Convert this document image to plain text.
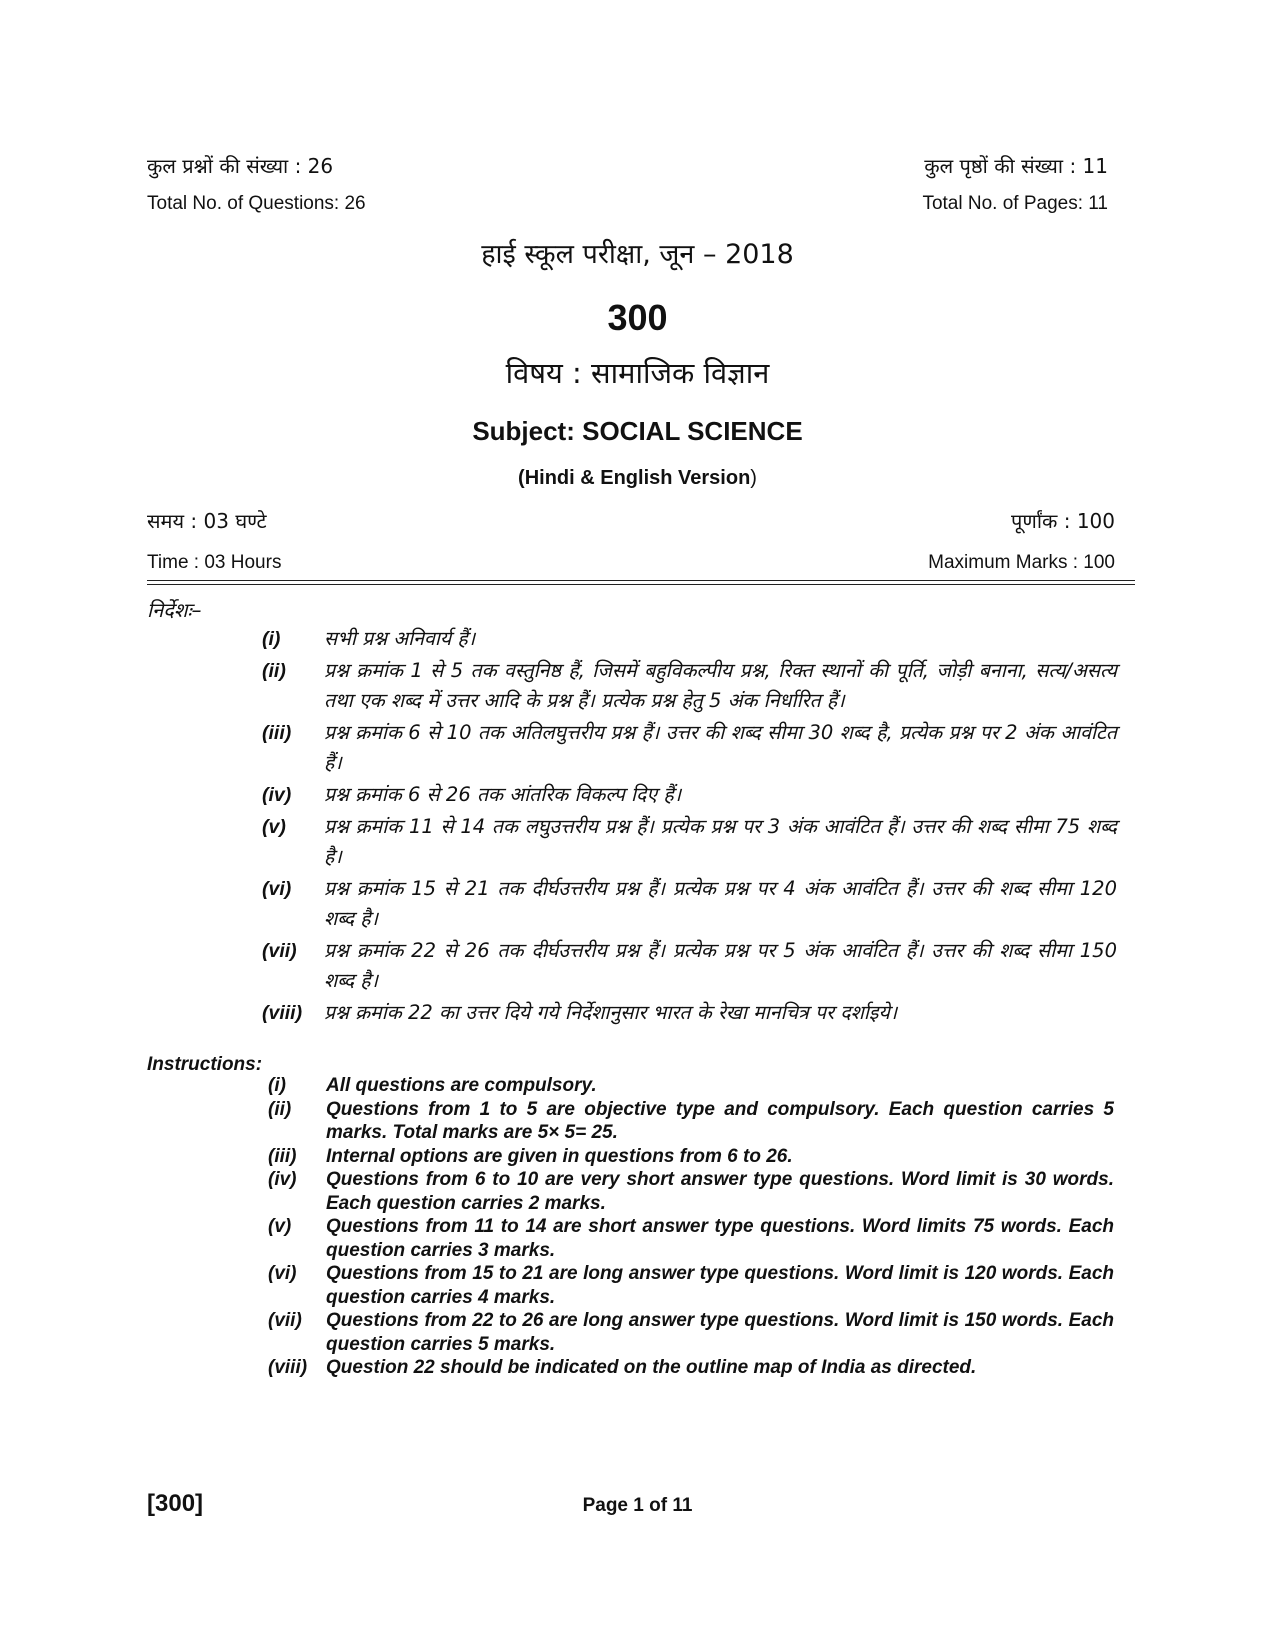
कुल प्रश्नों की संख्या : 26	कुल पृष्ठों की संख्या : 11
Total No. of Questions: 26	Total No. of Pages: 11
हाई स्कूल परीक्षा, जून – 2018
300
विषय : सामाजिक विज्ञान
Subject: SOCIAL SCIENCE
(Hindi & English Version)
समय : 03 घण्टे	पूर्णांक : 100
Time : 03 Hours	Maximum Marks : 100
निर्देशः–
(i)	सभी प्रश्न अनिवार्य हैं।
(ii)	प्रश्न क्रमांक 1 से 5 तक वस्तुनिष्ठ हैं, जिसमें बहुविकल्पीय प्रश्न, रिक्त स्थानों की पूर्ति, जोड़ी बनाना, सत्य/असत्य तथा एक शब्द में उत्तर आदि के प्रश्न हैं। प्रत्येक प्रश्न हेतु 5 अंक निर्धारित हैं।
(iii)	प्रश्न क्रमांक 6 से 10 तक अतिलघुत्तरीय प्रश्न हैं। उत्तर की शब्द सीमा 30 शब्द है, प्रत्येक प्रश्न पर 2 अंक आवंटित हैं।
(iv)	प्रश्न क्रमांक 6 से 26 तक आंतरिक विकल्प दिए हैं।
(v)	प्रश्न क्रमांक 11 से 14 तक लघुउत्तरीय प्रश्न हैं। प्रत्येक प्रश्न पर 3 अंक आवंटित हैं। उत्तर की शब्द सीमा 75 शब्द है।
(vi)	प्रश्न क्रमांक 15 से 21 तक दीर्घउत्तरीय प्रश्न हैं। प्रत्येक प्रश्न पर 4 अंक आवंटित हैं। उत्तर की शब्द सीमा 120 शब्द है।
(vii)	प्रश्न क्रमांक 22 से 26 तक दीर्घउत्तरीय प्रश्न हैं। प्रत्येक प्रश्न पर 5 अंक आवंटित हैं। उत्तर की शब्द सीमा 150 शब्द है।
(viii)	प्रश्न क्रमांक 22 का उत्तर दिये गये निर्देशानुसार भारत के रेखा मानचित्र पर दर्शाइये।
Instructions:
(i)	All questions are compulsory.
(ii)	Questions from 1 to 5 are objective type and compulsory. Each question carries 5 marks. Total marks are 5× 5= 25.
(iii)	Internal options are given in questions from 6 to 26.
(iv)	Questions from 6 to 10 are very short answer type questions. Word limit is 30 words. Each question carries 2 marks.
(v)	Questions from 11 to 14 are short answer type questions. Word limits 75 words. Each question carries 3 marks.
(vi)	Questions from 15 to 21 are long answer type questions. Word limit is 120 words. Each question carries 4 marks.
(vii)	Questions from 22 to 26 are long answer type questions. Word limit is 150 words. Each question carries 5 marks.
(viii) Question 22 should be indicated on the outline map of India as directed.
[300]	Page 1 of 11
